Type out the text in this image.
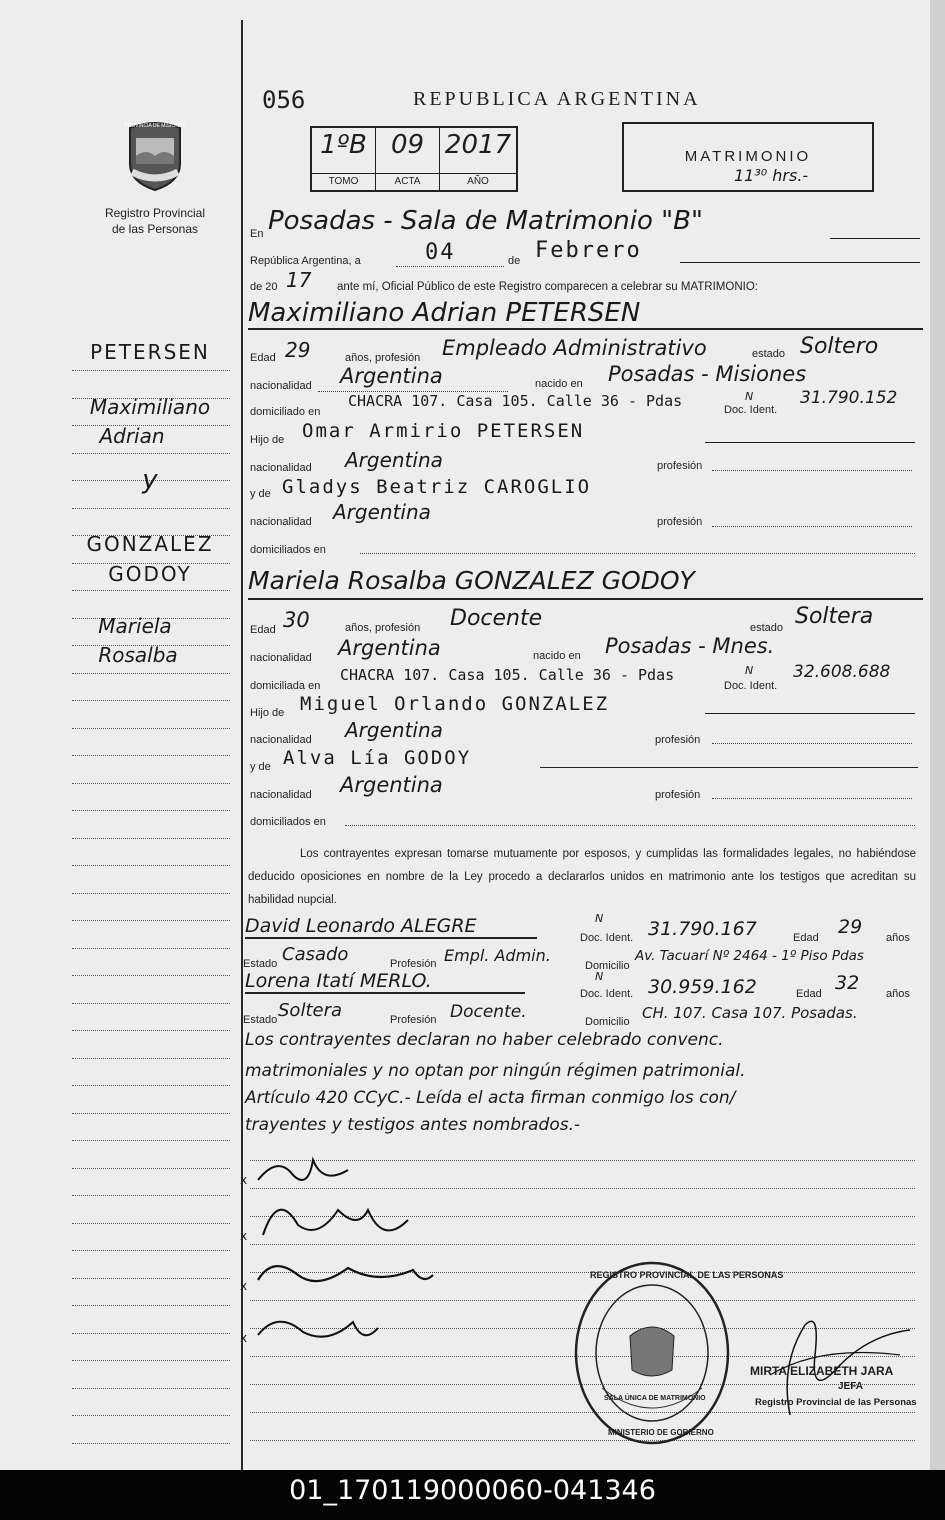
056	REPUBLICA ARGENTINA
PROVINCIA DE MISIONES
Registro Provincial
de las Personas
1ºB
TOMO
09
ACTA
2017
AÑO
MATRIMONIO
11³⁰ hrs.-
En Posadas - Sala de Matrimonio "B"
República Argentina, a	04	de Febrero
de 20 17 ante mí, Oficial Público de este Registro comparecen a celebrar su MATRIMONIO:
Maximiliano Adrian PETERSEN
Edad 29	años, profesión Empleado Administrativo	estado Soltero
nacionalidad Argentina	nacido en Posadas - Misiones
domiciliado en
CHACRA 107. Casa 105. Calle 36 - Pdas	Doc. Ident.
N	31.790.152
Hijo de Omar Armirio PETERSEN
nacionalidad Argentina	profesión
y de Gladys Beatriz CAROGLIO
nacionalidad Argentina	profesión
domiciliados en
Mariela Rosalba GONZALEZ GODOY
Edad 30	años, profesión Docente	estado Soltera
nacionalidad Argentina	nacido en Posadas - Mnes.
domiciliada en
CHACRA 107. Casa 105. Calle 36 - Pdas
Doc. Ident.
N 32.608.688
Hijo de Miguel Orlando GONZALEZ
nacionalidad Argentina	profesión
y de Alva Lía GODOY
nacionalidad Argentina	profesión
domiciliados en
Los contrayentes expresan tomarse mutuamente por esposos, y cumplidas las formalidades legales, no habiéndose deducido oposiciones en nombre de la Ley procedo a declararlos unidos en matrimonio ante los testigos que acreditan su habilidad nupcial.
David Leonardo ALEGRE
Doc. Ident.
N 31.790.167	Edad 29 años
Estado Casado	Profesión Empl. Admin.
Domicilio
Av. Tacuarí Nº 2464 - 1º Piso Pdas
Lorena Itatí MERLO.
Doc. Ident.
N 30.959.162	Edad 32 años
Estado Soltera	Profesión Docente.	Domicilio CH. 107. Casa 107. Posadas.
Los contrayentes declaran no haber celebrado convenc.
matrimoniales y no optan por ningún régimen patrimonial.
Artículo 420 CCyC.- Leída el acta firman conmigo los con/
trayentes y testigos antes nombrados.-
x
x
x
x
REGISTRO PROVINCIAL DE LAS PERSONAS
SALA ÚNICA DE MATRIMONIO
MINISTERIO DE GOBIERNO
MIRTA ELIZABETH JARA
JEFA
Registro Provincial de las Personas
PETERSEN
Maximiliano
Adrian
y
GONZALEZ
GODOY
Mariela
Rosalba
01_170119000060-041346
